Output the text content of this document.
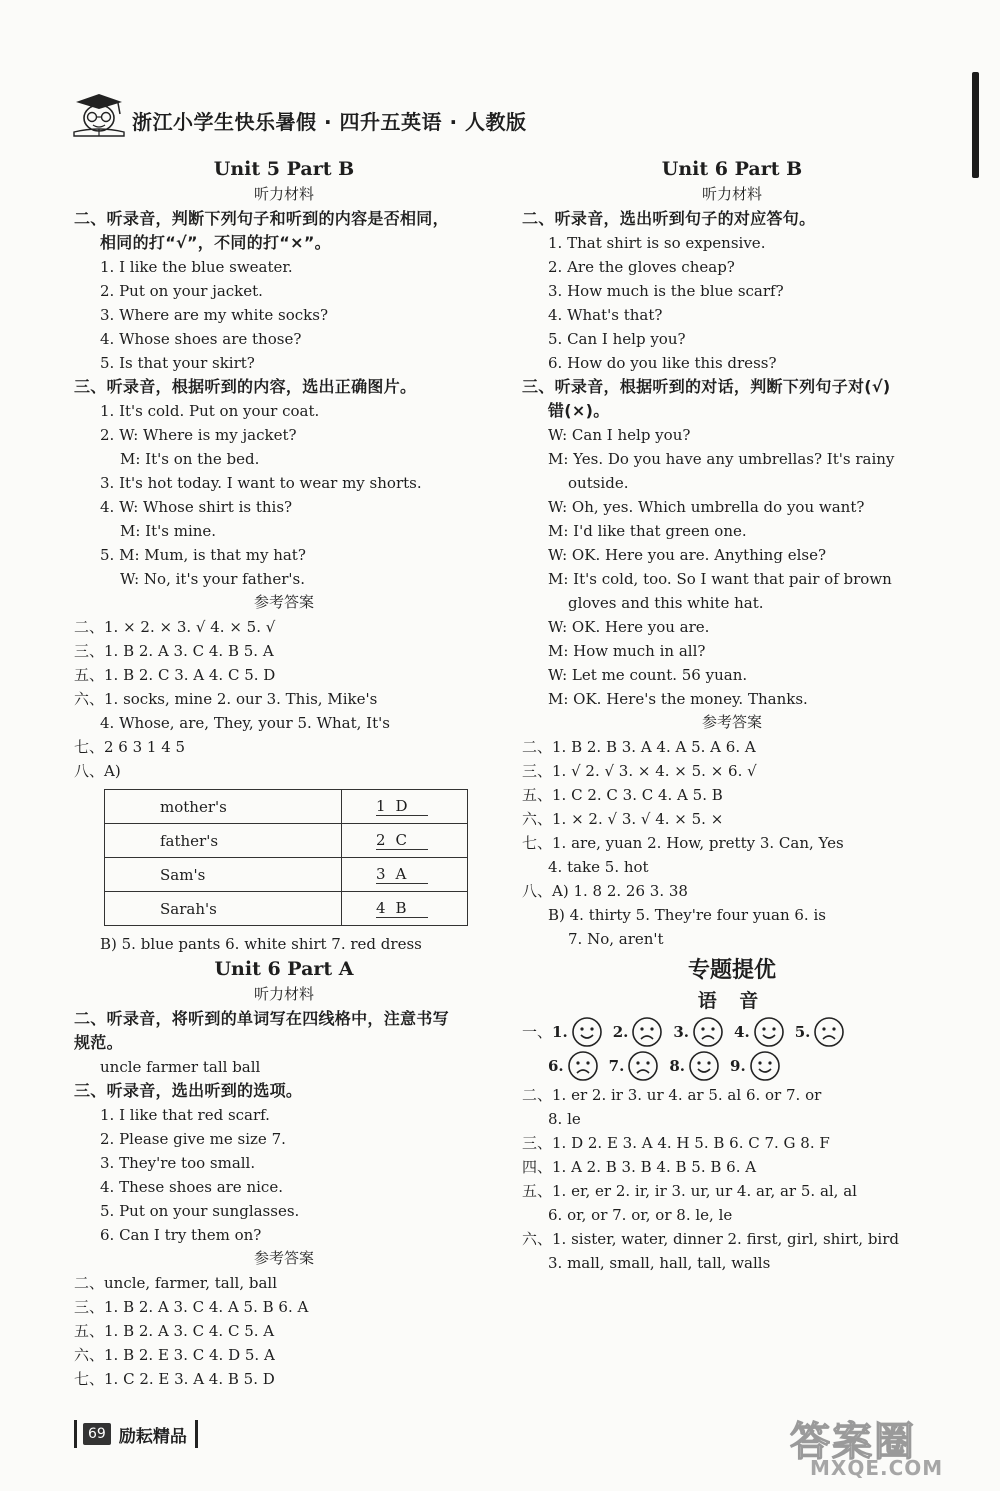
浙江小学生快乐暑假 · 四升五英语 · 人教版
Unit 5 Part B
听力材料
二、听录音，判断下列句子和听到的内容是否相同，
相同的打“√”，不同的打“×”。
1. I like the blue sweater.
2. Put on your jacket.
3. Where are my white socks?
4. Whose shoes are those?
5. Is that your skirt?
三、听录音，根据听到的内容，选出正确图片。
1. It's cold. Put on your coat.
2. W: Where is my jacket?
M: It's on the bed.
3. It's hot today. I want to wear my shorts.
4. W: Whose shirt is this?
M: It's mine.
5. M: Mum, is that my hat?
W: No, it's your father's.
参考答案
二、1. × 2. × 3. √ 4. × 5. √
三、1. B 2. A 3. C 4. B 5. A
五、1. B 2. C 3. A 4. C 5. D
六、1. socks, mine 2. our 3. This, Mike's
4. Whose, are, They, your 5. What, It's
七、2 6 3 1 4 5
八、A)
mother's	1 D
father's	2 C
Sam's	3 A
Sarah's	4 B
B) 5. blue pants 6. white shirt 7. red dress
Unit 6 Part A
听力材料
二、听录音，将听到的单词写在四线格中，注意书写
规范。
uncle farmer tall ball
三、听录音，选出听到的选项。
1. I like that red scarf.
2. Please give me size 7.
3. They're too small.
4. These shoes are nice.
5. Put on your sunglasses.
6. Can I try them on?
参考答案
二、uncle, farmer, tall, ball
三、1. B 2. A 3. C 4. A 5. B 6. A
五、1. B 2. A 3. C 4. C 5. A
六、1. B 2. E 3. C 4. D 5. A
七、1. C 2. E 3. A 4. B 5. D
Unit 6 Part B
听力材料
二、听录音，选出听到句子的对应答句。
1. That shirt is so expensive.
2. Are the gloves cheap?
3. How much is the blue scarf?
4. What's that?
5. Can I help you?
6. How do you like this dress?
三、听录音，根据听到的对话，判断下列句子对(√)
错(×)。
W: Can I help you?
M: Yes. Do you have any umbrellas? It's rainy
outside.
W: Oh, yes. Which umbrella do you want?
M: I'd like that green one.
W: OK. Here you are. Anything else?
M: It's cold, too. So I want that pair of brown
gloves and this white hat.
W: OK. Here you are.
M: How much in all?
W: Let me count. 56 yuan.
M: OK. Here's the money. Thanks.
参考答案
二、1. B 2. B 3. A 4. A 5. A 6. A
三、1. √ 2. √ 3. × 4. × 5. × 6. √
五、1. C 2. C 3. C 4. A 5. B
六、1. × 2. √ 3. √ 4. × 5. ×
七、1. are, yuan 2. How, pretty 3. Can, Yes
4. take 5. hot
八、A) 1. 8 2. 26 3. 38
B) 4. thirty 5. They're four yuan 6. is
7. No, aren't
专题提优
语 音
一、 1.	2.	3.	4.	5.
6.	7.	8.	9.
二、1. er 2. ir 3. ur 4. ar 5. al 6. or 7. or
8. le
三、1. D 2. E 3. A 4. H 5. B 6. C 7. G 8. F
四、1. A 2. B 3. B 4. B 5. B 6. A
五、1. er, er 2. ir, ir 3. ur, ur 4. ar, ar 5. al, al
6. or, or 7. or, or 8. le, le
六、1. sister, water, dinner 2. first, girl, shirt, bird
3. mall, small, hall, tall, walls
69 励耘精品	答案圈
MXQE.COM
